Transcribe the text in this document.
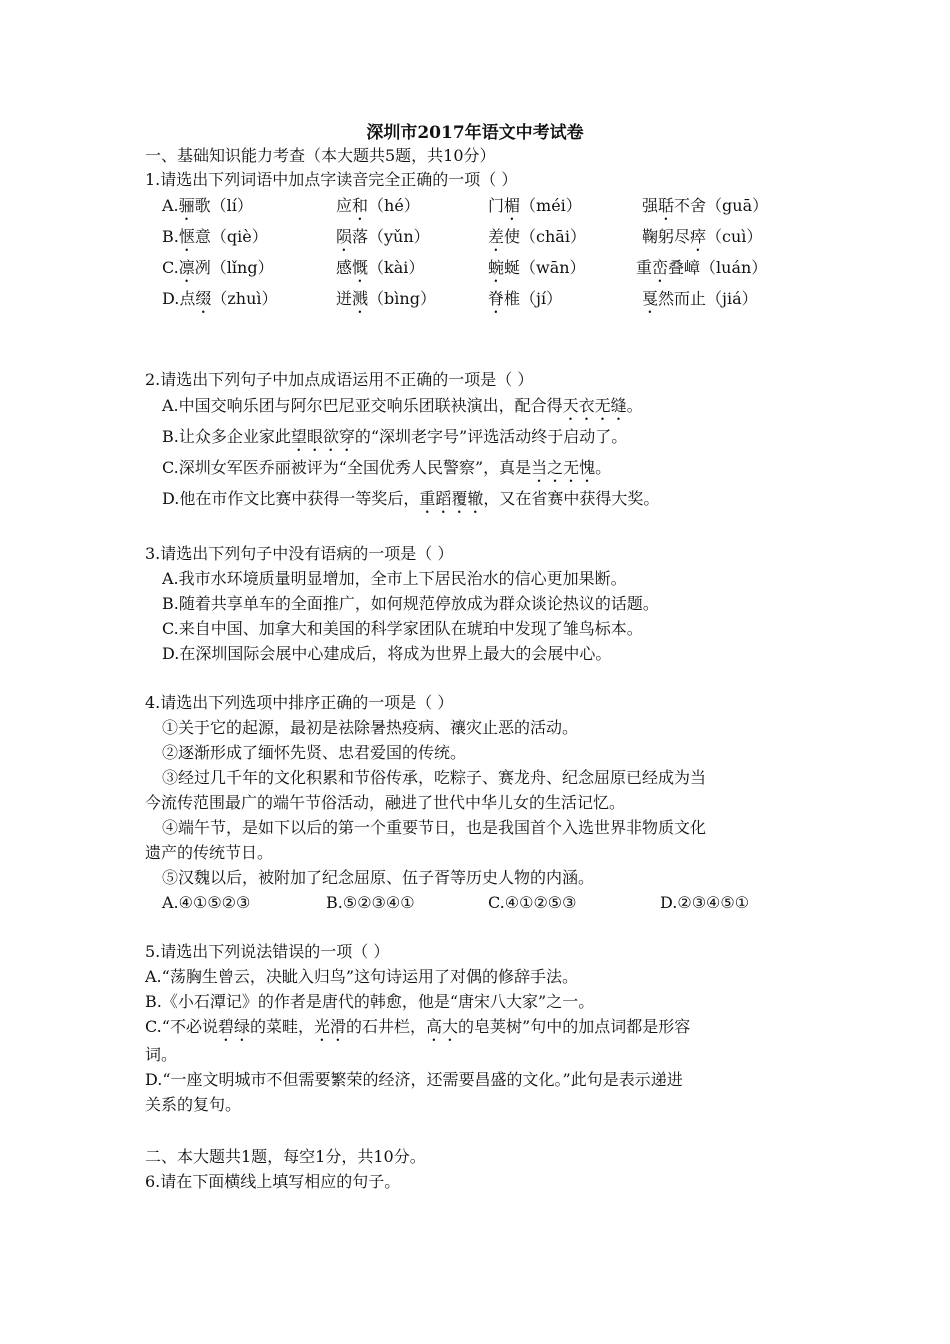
深圳市2017年语文中考试卷
一、基础知识能力考查（本大题共5题，共10分）
1.请选出下列词语中加点字读音完全正确的一项（ ）
A.骊歌（lí）	应和（hé）	门楣（méi）	强聒不舍（guā）
B.惬意（qiè）	陨落（yǔn）	差使（chāi）	鞠躬尽瘁（cuì）
C.凛冽（lǐng）	感慨（kài）	蜿蜒（wān）	重峦叠嶂（luán）
D.点缀（zhuì）	迸溅（bìng）	脊椎（jí）	戛然而止（jiá）
2.请选出下列句子中加点成语运用不正确的一项是（ ）
A.中国交响乐团与阿尔巴尼亚交响乐团联袂演出，配合得天衣无缝。
B.让众多企业家此望眼欲穿的“深圳老字号”评选活动终于启动了。
C.深圳女军医乔丽被评为“全国优秀人民警察”，真是当之无愧。
D.他在市作文比赛中获得一等奖后，重蹈覆辙，又在省赛中获得大奖。
3.请选出下列句子中没有语病的一项是（ ）
A.我市水环境质量明显增加，全市上下居民治水的信心更加果断。
B.随着共享单车的全面推广，如何规范停放成为群众谈论热议的话题。
C.来自中国、加拿大和美国的科学家团队在琥珀中发现了雏鸟标本。
D.在深圳国际会展中心建成后，将成为世界上最大的会展中心。
4.请选出下列选项中排序正确的一项是（ ）
①关于它的起源，最初是祛除暑热疫病、禳灾止恶的活动。
②逐渐形成了缅怀先贤、忠君爱国的传统。
③经过几千年的文化积累和节俗传承，吃粽子、赛龙舟、纪念屈原已经成为当
今流传范围最广的端午节俗活动，融进了世代中华儿女的生活记忆。
④端午节，是如下以后的第一个重要节日，也是我国首个入选世界非物质文化
遗产的传统节日。
⑤汉魏以后，被附加了纪念屈原、伍子胥等历史人物的内涵。
A.④①⑤②③	B.⑤②③④①	C.④①②⑤③	D.②③④⑤①
5.请选出下列说法错误的一项（ ）
A.“荡胸生曾云，决眦入归鸟”这句诗运用了对偶的修辞手法。
B.《小石潭记》的作者是唐代的韩愈，他是“唐宋八大家”之一。
C.“不必说碧绿的菜畦，光滑的石井栏，高大的皂荚树”句中的加点词都是形容
词。
D.“一座文明城市不但需要繁荣的经济，还需要昌盛的文化。”此句是表示递进
关系的复句。
二、本大题共1题，每空1分，共10分。
6.请在下面横线上填写相应的句子。
